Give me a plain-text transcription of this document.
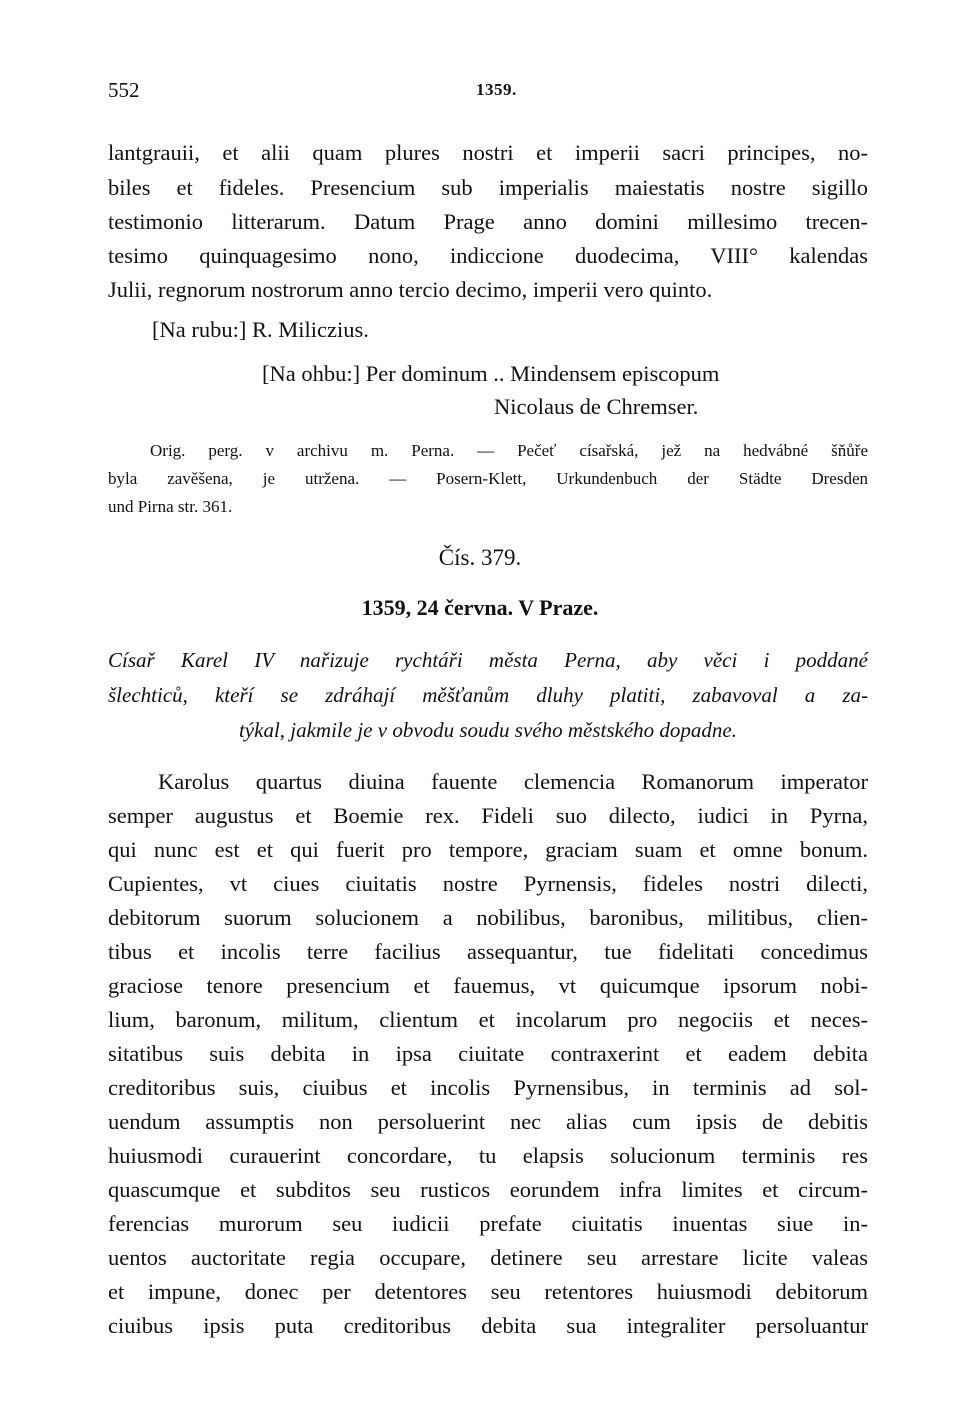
552	1359.
lantgrauii, et alii quam plures nostri et imperii sacri principes, no-
biles et fideles. Presencium sub imperialis maiestatis nostre sigillo
testimonio litterarum. Datum Prage anno domini millesimo trecen-
tesimo quinquagesimo nono, indiccione duodecima, VIII° kalendas
Julii, regnorum nostrorum anno tercio decimo, imperii vero quinto.
[Na rubu:] R. Miliczius.
[Na ohbu:] Per dominum .. Mindensem episcopum
Nicolaus de Chremser.
Orig. perg. v archivu m. Perna. — Pečeť císařská, jež na hedvábné šňůře
byla zavěšena, je utržena. — Posern-Klett, Urkundenbuch der Städte Dresden
und Pirna str. 361.
Čís. 379.
1359, 24 června. V Praze.
Císař Karel IV nařizuje rychtáři města Perna, aby věci i poddané
šlechticů, kteří se zdráhají měšťanům dluhy platiti, zabavoval a za-
týkal, jakmile je v obvodu soudu svého městského dopadne.
Karolus quartus diuina fauente clemencia Romanorum imperator
semper augustus et Boemie rex. Fideli suo dilecto, iudici in Pyrna,
qui nunc est et qui fuerit pro tempore, graciam suam et omne bonum.
Cupientes, vt ciues ciuitatis nostre Pyrnensis, fideles nostri dilecti,
debitorum suorum solucionem a nobilibus, baronibus, militibus, clien-
tibus et incolis terre facilius assequantur, tue fidelitati concedimus
graciose tenore presencium et fauemus, vt quicumque ipsorum nobi-
lium, baronum, militum, clientum et incolarum pro negociis et neces-
sitatibus suis debita in ipsa ciuitate contraxerint et eadem debita
creditoribus suis, ciuibus et incolis Pyrnensibus, in terminis ad sol-
uendum assumptis non persoluerint nec alias cum ipsis de debitis
huiusmodi curauerint concordare, tu elapsis solucionum terminis res
quascumque et subditos seu rusticos eorundem infra limites et circum-
ferencias murorum seu iudicii prefate ciuitatis inuentas siue in-
uentos auctoritate regia occupare, detinere seu arrestare licite valeas
et impune, donec per detentores seu retentores huiusmodi debitorum
ciuibus ipsis puta creditoribus debita sua integraliter persoluantur
